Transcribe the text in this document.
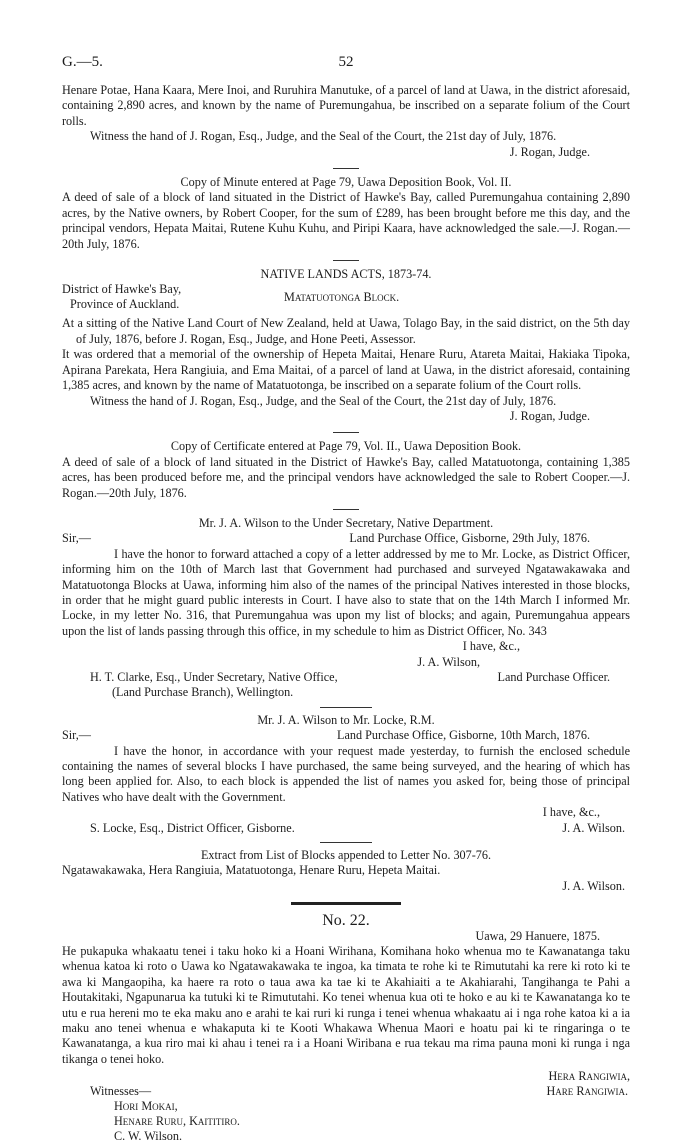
G.—5.	52

Henare Potae, Hana Kaara, Mere Inoi, and Ruruhira Manutuke, of a parcel of land at Uawa, in the district aforesaid, containing 2,890 acres, and known by the name of Puremungahua, be inscribed on a separate folium of the Court rolls.

Witness the hand of J. Rogan, Esq., Judge, and the Seal of the Court, the 21st day of July, 1876.

J. Rogan, Judge.

Copy of Minute entered at Page 79, Uawa Deposition Book, Vol. II.

A deed of sale of a block of land situated in the District of Hawke's Bay, called Puremungahua containing 2,890 acres, by the Native owners, by Robert Cooper, for the sum of £289, has been brought before me this day, and the principal vendors, Hepata Maitai, Rutene Kuhu Kuhu, and Piripi Kaara, have acknowledged the sale.—J. Rogan.—20th July, 1876.

NATIVE LANDS ACTS, 1873-74.

District of Hawke's Bay,
Province of Auckland.	Matatuotonga Block.

At a sitting of the Native Land Court of New Zealand, held at Uawa, Tolago Bay, in the said district, on the 5th day of July, 1876, before J. Rogan, Esq., Judge, and Hone Peeti, Assessor.

It was ordered that a memorial of the ownership of Hepeta Maitai, Henare Ruru, Atareta Maitai, Hakiaka Tipoka, Apirana Parekata, Hera Rangiuia, and Ema Maitai, of a parcel of land at Uawa, in the district aforesaid, containing 1,385 acres, and known by the name of Matatuotonga, be inscribed on a separate folium of the Court rolls.

Witness the hand of J. Rogan, Esq., Judge, and the Seal of the Court, the 21st day of July, 1876.

J. Rogan, Judge.

Copy of Certificate entered at Page 79, Vol. II., Uawa Deposition Book.

A deed of sale of a block of land situated in the District of Hawke's Bay, called Matatuotonga, containing 1,385 acres, has been produced before me, and the principal vendors have acknowledged the sale to Robert Cooper.—J. Rogan.—20th July, 1876.

Mr. J. A. Wilson to the Under Secretary, Native Department.

Sir,—	Land Purchase Office, Gisborne, 29th July, 1876.

I have the honor to forward attached a copy of a letter addressed by me to Mr. Locke, as District Officer, informing him on the 10th of March last that Government had purchased and surveyed Ngatawakawaka and Matatuotonga Blocks at Uawa, informing him also of the names of the principal Natives interested in those blocks, in order that he might guard public interests in Court. I have also to state that on the 14th March I informed Mr. Locke, in my letter No. 316, that Puremungahua was upon my list of blocks; and again, Puremungahua appears upon the list of lands passing through this office, in my schedule to him as District Officer, No. 343

I have, &c.,

J. A. Wilson,

H. T. Clarke, Esq., Under Secretary, Native Office,	Land Purchase Officer.

(Land Purchase Branch), Wellington.

Mr. J. A. Wilson to Mr. Locke, R.M.

Sir,—	Land Purchase Office, Gisborne, 10th March, 1876.

I have the honor, in accordance with your request made yesterday, to furnish the enclosed schedule containing the names of several blocks I have purchased, the same being surveyed, and the hearing of which has long been applied for. Also, to each block is appended the list of names you asked for, being those of principal Natives who have dealt with the Government.

I have, &c.,

S. Locke, Esq., District Officer, Gisborne.	J. A. Wilson.

Extract from List of Blocks appended to Letter No. 307-76.

Ngatawakawaka, Hera Rangiuia, Matatuotonga, Henare Ruru, Hepeta Maitai.

J. A. Wilson.

No. 22.

Uawa, 29 Hanuere, 1875.

He pukapuka whakaatu tenei i taku hoko ki a Hoani Wirihana, Komihana hoko whenua mo te Kawanatanga taku whenua katoa ki roto o Uawa ko Ngatawakawaka te ingoa, ka timata te rohe ki te Rimututahi ka rere ki roto ki te awa ki Mangaopiha, ka haere ra roto o taua awa ka tae ki te Akahiaiti a te Akahiarahi, Tangihanga te Pahi a Houtakitaki, Ngapunarua ka tutuki ki te Rimututahi. Ko tenei whenua kua oti te hoko e au ki te Kawanatanga ko te utu e rua hereni mo te eka maku ano e arahi te kai ruri ki runga i tenei whenua whakaatu ai i nga rohe katoa ki a ia maku ano tenei whenua e whakaputa ki te Kooti Whakawa Whenua Maori e hoatu pai ki te ringaringa o te Kawanatanga, a kua riro mai ki ahau i tenei ra i a Hoani Wiribana e rua tekau ma rima pauna moni ki runga i nga tikanga o tenei hoko.

Hera Rangiwia,
Hare Rangiwia.
Witnesses—
Hori Mokai,
Henare Ruru, Kaititiro.
C. W. Wilson.
